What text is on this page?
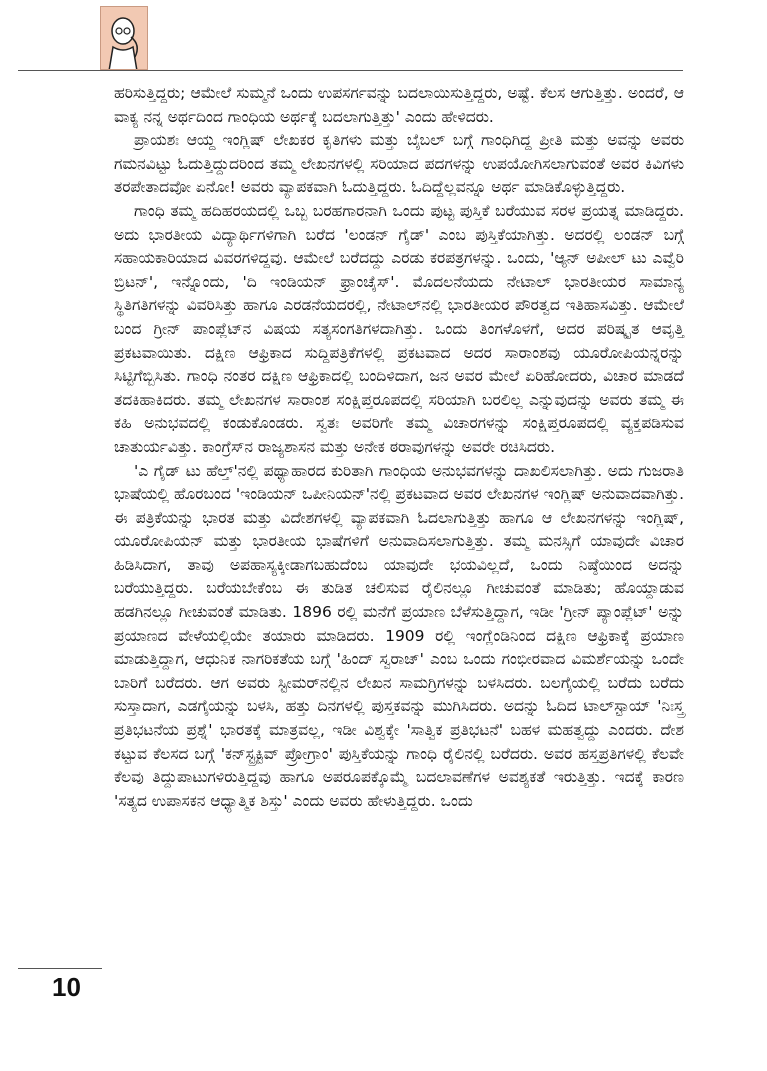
ಹರಿಸುತ್ತಿದ್ದರು; ಆಮೇಲೆ ಸುಮ್ಮನೆ ಒಂದು ಉಪಸರ್ಗವನ್ನು ಬದಲಾಯಿಸುತ್ತಿದ್ದರು, ಅಷ್ಟೆ. ಕೆಲಸ ಆಗುತ್ತಿತ್ತು. ಅಂದರೆ, ಆ ವಾಕ್ಯ ನನ್ನ ಅರ್ಥದಿಂದ ಗಾಂಧಿಯ ಅರ್ಥಕ್ಕೆ ಬದಲಾಗುತ್ತಿತ್ತು' ಎಂದು ಹೇಳಿದರು.

ಪ್ರಾಯಶಃ ಆಯ್ದ ಇಂಗ್ಲಿಷ್ ಲೇಖಕರ ಕೃತಿಗಳು ಮತ್ತು ಬೈಬಲ್ ಬಗ್ಗೆ ಗಾಂಧಿಗಿದ್ದ ಪ್ರೀತಿ ಮತ್ತು ಅವನ್ನು ಅವರು ಗಮನವಿಟ್ಟು ಓದುತ್ತಿದ್ದುದರಿಂದ ತಮ್ಮ ಲೇಖನಗಳಲ್ಲಿ ಸರಿಯಾದ ಪದಗಳನ್ನು ಉಪಯೋಗಿಸಲಾಗುವಂತೆ ಅವರ ಕಿವಿಗಳು ತರಪೇತಾದವೋ ಏನೋ! ಅವರು ವ್ಯಾಪಕವಾಗಿ ಓದುತ್ತಿದ್ದರು. ಓದಿದ್ದೆಲ್ಲವನ್ನೂ ಅರ್ಥ ಮಾಡಿಕೊಳ್ಳುತ್ತಿದ್ದರು.

ಗಾಂಧಿ ತಮ್ಮ ಹದಿಹರಯದಲ್ಲಿ ಒಬ್ಬ ಬರಹಗಾರನಾಗಿ ಒಂದು ಪುಟ್ಟ ಪುಸ್ತಿಕೆ ಬರೆಯುವ ಸರಳ ಪ್ರಯತ್ನ ಮಾಡಿದ್ದರು. ಅದು ಭಾರತೀಯ ವಿದ್ಯಾರ್ಥಿಗಳಿಗಾಗಿ ಬರೆದ 'ಲಂಡನ್ ಗೈಡ್' ಎಂಬ ಪುಸ್ತಿಕೆಯಾಗಿತ್ತು. ಅದರಲ್ಲಿ ಲಂಡನ್ ಬಗ್ಗೆ ಸಹಾಯಕಾರಿಯಾದ ವಿವರಗಳಿದ್ದವು. ಆಮೇಲೆ ಬರೆದದ್ದು ಎರಡು ಕರಪತ್ರಗಳನ್ನು. ಒಂದು, 'ಆ್ಯನ್ ಅಪೀಲ್ ಟು ಎವ್ವೆರಿ ಬ್ರಿಟನ್', ಇನ್ನೊಂದು, 'ದಿ ಇಂಡಿಯನ್ ಫ್ರಾಂಚೈಸ್'. ಮೊದಲನೆಯದು ನೇಟಾಲ್ ಭಾರತೀಯರ ಸಾಮಾನ್ಯ ಸ್ಥಿತಿಗತಿಗಳನ್ನು ವಿವರಿಸಿತ್ತು ಹಾಗೂ ಎರಡನೆಯದರಲ್ಲಿ, ನೇಟಾಲ್‌ನಲ್ಲಿ ಭಾರತೀಯರ ಪೌರತ್ವದ ಇತಿಹಾಸವಿತ್ತು. ಆಮೇಲೆ ಬಂದ ಗ್ರೀನ್ ಪಾಂಪ್ಲೆಟ್‌ನ ವಿಷಯ ಸತ್ಯಸಂಗತಿಗಳದಾಗಿತ್ತು. ಒಂದು ತಿಂಗಳೊಳಗೆ, ಅದರ ಪರಿಷ್ಕೃತ ಆವೃತ್ತಿ ಪ್ರಕಟವಾಯಿತು. ದಕ್ಷಿಣ ಆಫ್ರಿಕಾದ ಸುದ್ದಿಪತ್ರಿಕೆಗಳಲ್ಲಿ ಪ್ರಕಟವಾದ ಅದರ ಸಾರಾಂಶವು ಯೂರೋಪಿಯನ್ನರನ್ನು ಸಿಟ್ಟಿಗೆಬ್ಬಿಸಿತು. ಗಾಂಧಿ ನಂತರ ದಕ್ಷಿಣ ಆಫ್ರಿಕಾದಲ್ಲಿ ಬಂದಿಳಿದಾಗ, ಜನ ಅವರ ಮೇಲೆ ಏರಿಹೋದರು, ವಿಚಾರ ಮಾಡದೆ ತದಕಿಹಾಕಿದರು. ತಮ್ಮ ಲೇಖನಗಳ ಸಾರಾಂಶ ಸಂಕ್ಷಿಪ್ತರೂಪದಲ್ಲಿ ಸರಿಯಾಗಿ ಬರಲಿಲ್ಲ ಎನ್ನುವುದನ್ನು ಅವರು ತಮ್ಮ ಈ ಕಹಿ ಅನುಭವದಲ್ಲಿ ಕಂಡುಕೊಂಡರು. ಸ್ವತಃ ಅವರಿಗೇ ತಮ್ಮ ವಿಚಾರಗಳನ್ನು ಸಂಕ್ಷಿಪ್ತರೂಪದಲ್ಲಿ ವ್ಯಕ್ತಪಡಿಸುವ ಚಾತುರ್ಯವಿತ್ತು. ಕಾಂಗ್ರೆಸ್‌ನ ರಾಜ್ಯಶಾಸನ ಮತ್ತು ಅನೇಕ ಠರಾವುಗಳನ್ನು ಅವರೇ ರಚಿಸಿದರು.

'ಎ ಗೈಡ್ ಟು ಹೆಲ್ತ್'ನಲ್ಲಿ ಪಥ್ಯಾಹಾರದ ಕುರಿತಾಗಿ ಗಾಂಧಿಯ ಅನುಭವಗಳನ್ನು ದಾಖಲಿಸಲಾಗಿತ್ತು. ಅದು ಗುಜರಾತಿ ಭಾಷೆಯಲ್ಲಿ ಹೊರಬಂದ 'ಇಂಡಿಯನ್ ಒಪೀನಿಯನ್'ನಲ್ಲಿ ಪ್ರಕಟವಾದ ಅವರ ಲೇಖನಗಳ ಇಂಗ್ಲಿಷ್ ಅನುವಾದವಾಗಿತ್ತು. ಈ ಪತ್ರಿಕೆಯನ್ನು ಭಾರತ ಮತ್ತು ವಿದೇಶಗಳಲ್ಲಿ ವ್ಯಾಪಕವಾಗಿ ಓದಲಾಗುತ್ತಿತ್ತು ಹಾಗೂ ಆ ಲೇಖನಗಳನ್ನು ಇಂಗ್ಲಿಷ್, ಯೂರೋಪಿಯನ್ ಮತ್ತು ಭಾರತೀಯ ಭಾಷೆಗಳಿಗೆ ಅನುವಾದಿಸಲಾಗುತ್ತಿತ್ತು. ತಮ್ಮ ಮನಸ್ಸಿಗೆ ಯಾವುದೇ ವಿಚಾರ ಹಿಡಿಸಿದಾಗ, ತಾವು ಅಪಹಾಸ್ಯಕ್ಕೀಡಾಗಬಹುದೆಂಬ ಯಾವುದೇ ಭಯವಿಲ್ಲದೆ, ಒಂದು ನಿಷ್ಠೆಯಿಂದ ಅದನ್ನು ಬರೆಯುತ್ತಿದ್ದರು. ಬರೆಯಬೇಕೆಂಬ ಈ ತುಡಿತ ಚಲಿಸುವ ರೈಲಿನಲ್ಲೂ ಗೀಚುವಂತೆ ಮಾಡಿತು; ಹೊಯ್ದಾಡುವ ಹಡಗಿನಲ್ಲೂ ಗೀಚುವಂತೆ ಮಾಡಿತು. 1896 ರಲ್ಲಿ ಮನೆಗೆ ಪ್ರಯಾಣ ಬೆಳೆಸುತ್ತಿದ್ದಾಗ, ಇಡೀ 'ಗ್ರೀನ್ ಪ್ಯಾಂಪ್ಲೆಟ್' ಅನ್ನು ಪ್ರಯಾಣದ ವೇಳೆಯಲ್ಲಿಯೇ ತಯಾರು ಮಾಡಿದರು. 1909 ರಲ್ಲಿ ಇಂಗ್ಲೆಂಡಿನಿಂದ ದಕ್ಷಿಣ ಆಫ್ರಿಕಾಕ್ಕೆ ಪ್ರಯಾಣ ಮಾಡುತ್ತಿದ್ದಾಗ, ಆಧುನಿಕ ನಾಗರಿಕತೆಯ ಬಗ್ಗೆ 'ಹಿಂದ್ ಸ್ವರಾಜ್' ಎಂಬ ಒಂದು ಗಂಭೀರವಾದ ವಿಮರ್ಶೆಯನ್ನು ಒಂದೇ ಬಾರಿಗೆ ಬರೆದರು. ಆಗ ಅವರು ಸ್ಟೀಮರ್‌ನಲ್ಲಿನ ಲೇಖನ ಸಾಮಗ್ರಿಗಳನ್ನು ಬಳಸಿದರು. ಬಲಗೈಯಲ್ಲಿ ಬರೆದು ಬರೆದು ಸುಸ್ತಾದಾಗ, ಎಡಗೈಯನ್ನು ಬಳಸಿ, ಹತ್ತು ದಿನಗಳಲ್ಲಿ ಪುಸ್ತಕವನ್ನು ಮುಗಿಸಿದರು. ಅದನ್ನು ಓದಿದ ಟಾಲ್‌ಸ್ಟಾಯ್ 'ನಿಃಸ್ತ್ರ ಪ್ರತಿಭಟನೆಯ ಪ್ರಶ್ನೆ' ಭಾರತಕ್ಕೆ ಮಾತ್ರವಲ್ಲ, ಇಡೀ ವಿಶ್ವಕ್ಕೇ 'ಸಾತ್ವಿಕ ಪ್ರತಿಭಟನೆ' ಬಹಳ ಮಹತ್ವದ್ದು ಎಂದರು. ದೇಶ ಕಟ್ಟುವ ಕೆಲಸದ ಬಗ್ಗೆ 'ಕನ್‌ಸ್ಟ್ರಕ್ಟಿವ್ ಪ್ರೋಗ್ರಾಂ' ಪುಸ್ತಿಕೆಯನ್ನು ಗಾಂಧಿ ರೈಲಿನಲ್ಲಿ ಬರೆದರು. ಅವರ ಹಸ್ತಪ್ರತಿಗಳಲ್ಲಿ ಕೆಲವೇ ಕೆಲವು ತಿದ್ದುಪಾಟುಗಳಿರುತ್ತಿದ್ದವು ಹಾಗೂ ಅಪರೂಪಕ್ಕೊಮ್ಮೆ ಬದಲಾವಣೆಗಳ ಅವಶ್ಯಕತೆ ಇರುತ್ತಿತ್ತು. ಇದಕ್ಕೆ ಕಾರಣ 'ಸತ್ಯದ ಉಪಾಸಕನ ಆಧ್ಯಾತ್ಮಿಕ ಶಿಸ್ತು' ಎಂದು ಅವರು ಹೇಳುತ್ತಿದ್ದರು. ಒಂದು

10
